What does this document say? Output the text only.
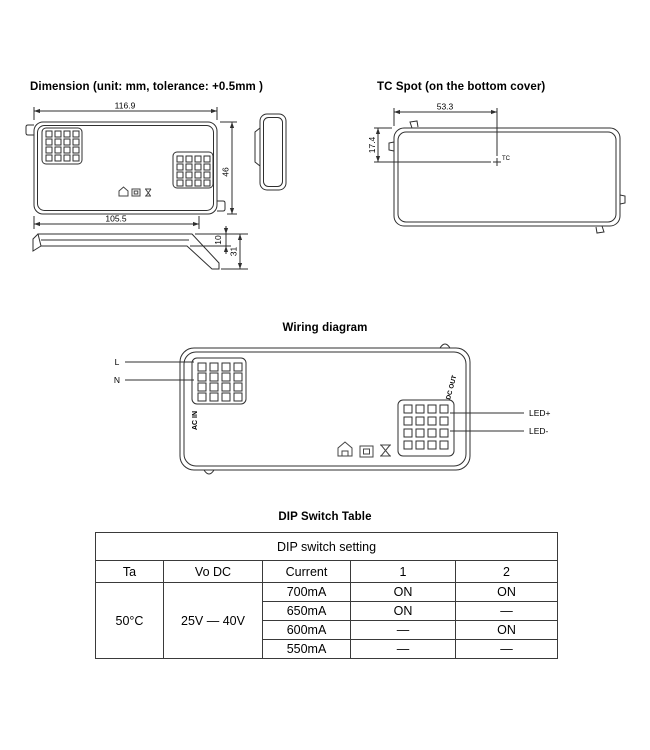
Dimension (unit: mm, tolerance: +0.5mm )	TC Spot (on the bottom cover)
Wiring diagram
DIP Switch Table
116.9
105.5
46
10
31
53.3
17.4
TC
L
N
AC IN
DC OUT
LED+
LED-
DIP switch setting				
Ta	Vo DC	Current	1	2
50°C	25V — 40V	700mA	ON	ON
		650mA	ON	—
		600mA	—	ON
		550mA	—	—
